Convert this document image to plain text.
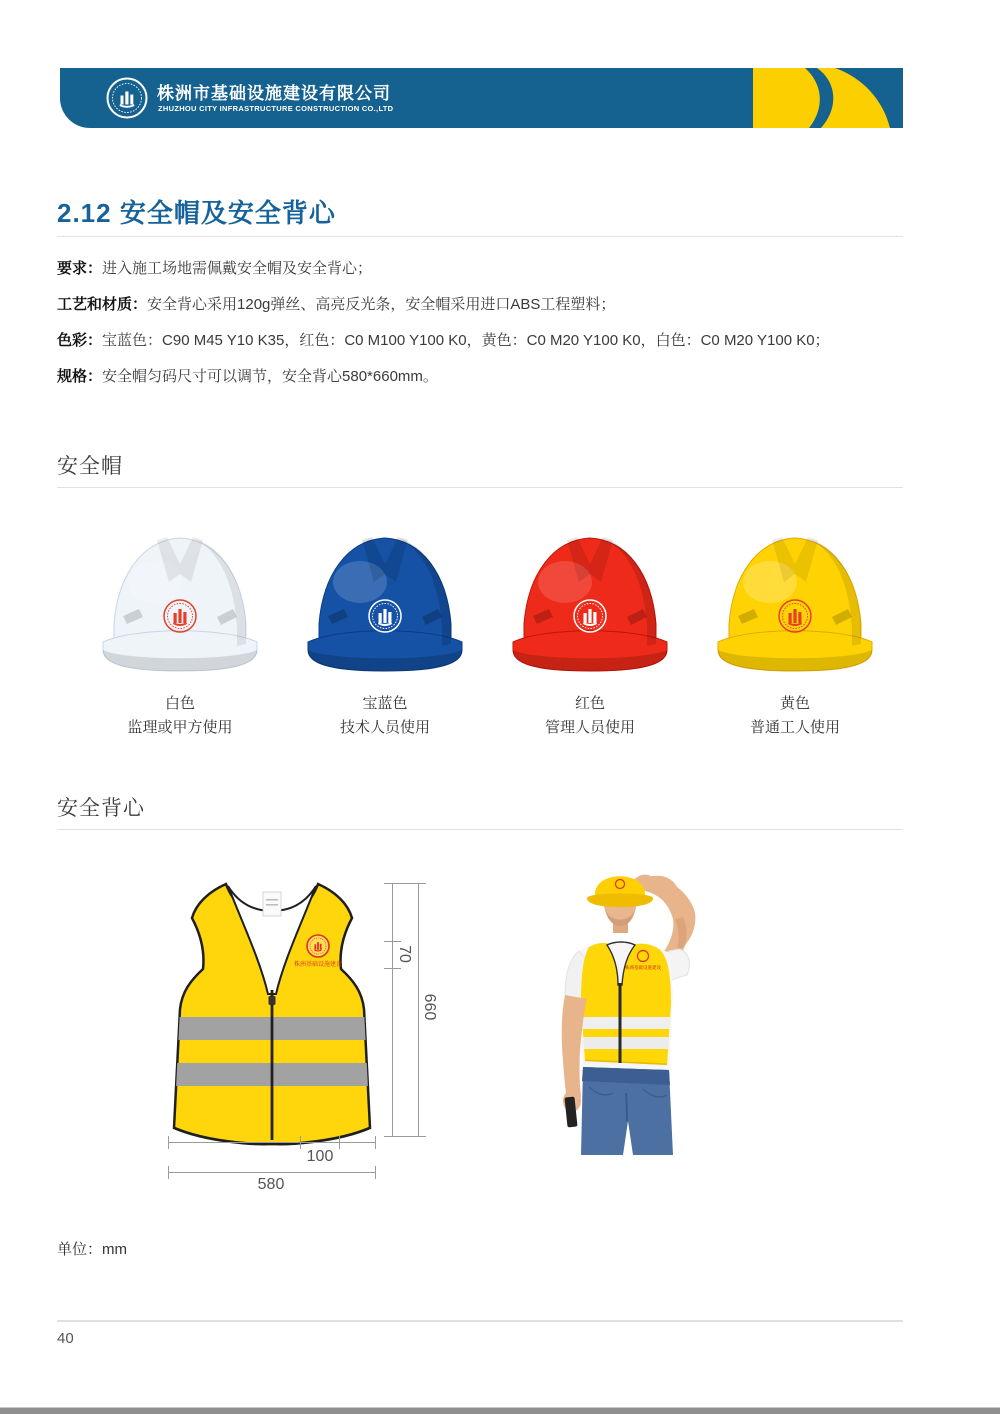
株洲市基础设施建设有限公司
ZHUZHOU CITY INFRASTRUCTURE CONSTRUCTION CO.,LTD
2.12 安全帽及安全背心
要求：进入施工场地需佩戴安全帽及安全背心；
工艺和材质：安全背心采用120g弹丝、高亮反光条，安全帽采用进口ABS工程塑料；
色彩：宝蓝色：C90 M45 Y10 K35，红色：C0 M100 Y100 K0，黄色：C0 M20 Y100 K0，白色：C0 M20 Y100 K0；
规格：安全帽匀码尺寸可以调节，安全背心580*660mm。
安全帽
白色
监理或甲方使用
宝蓝色
技术人员使用
红色
管理人员使用
黄色
普通工人使用
安全背心
株洲基础设施建设
70
660
100
580
株洲基础设施建设
单位：mm
40
